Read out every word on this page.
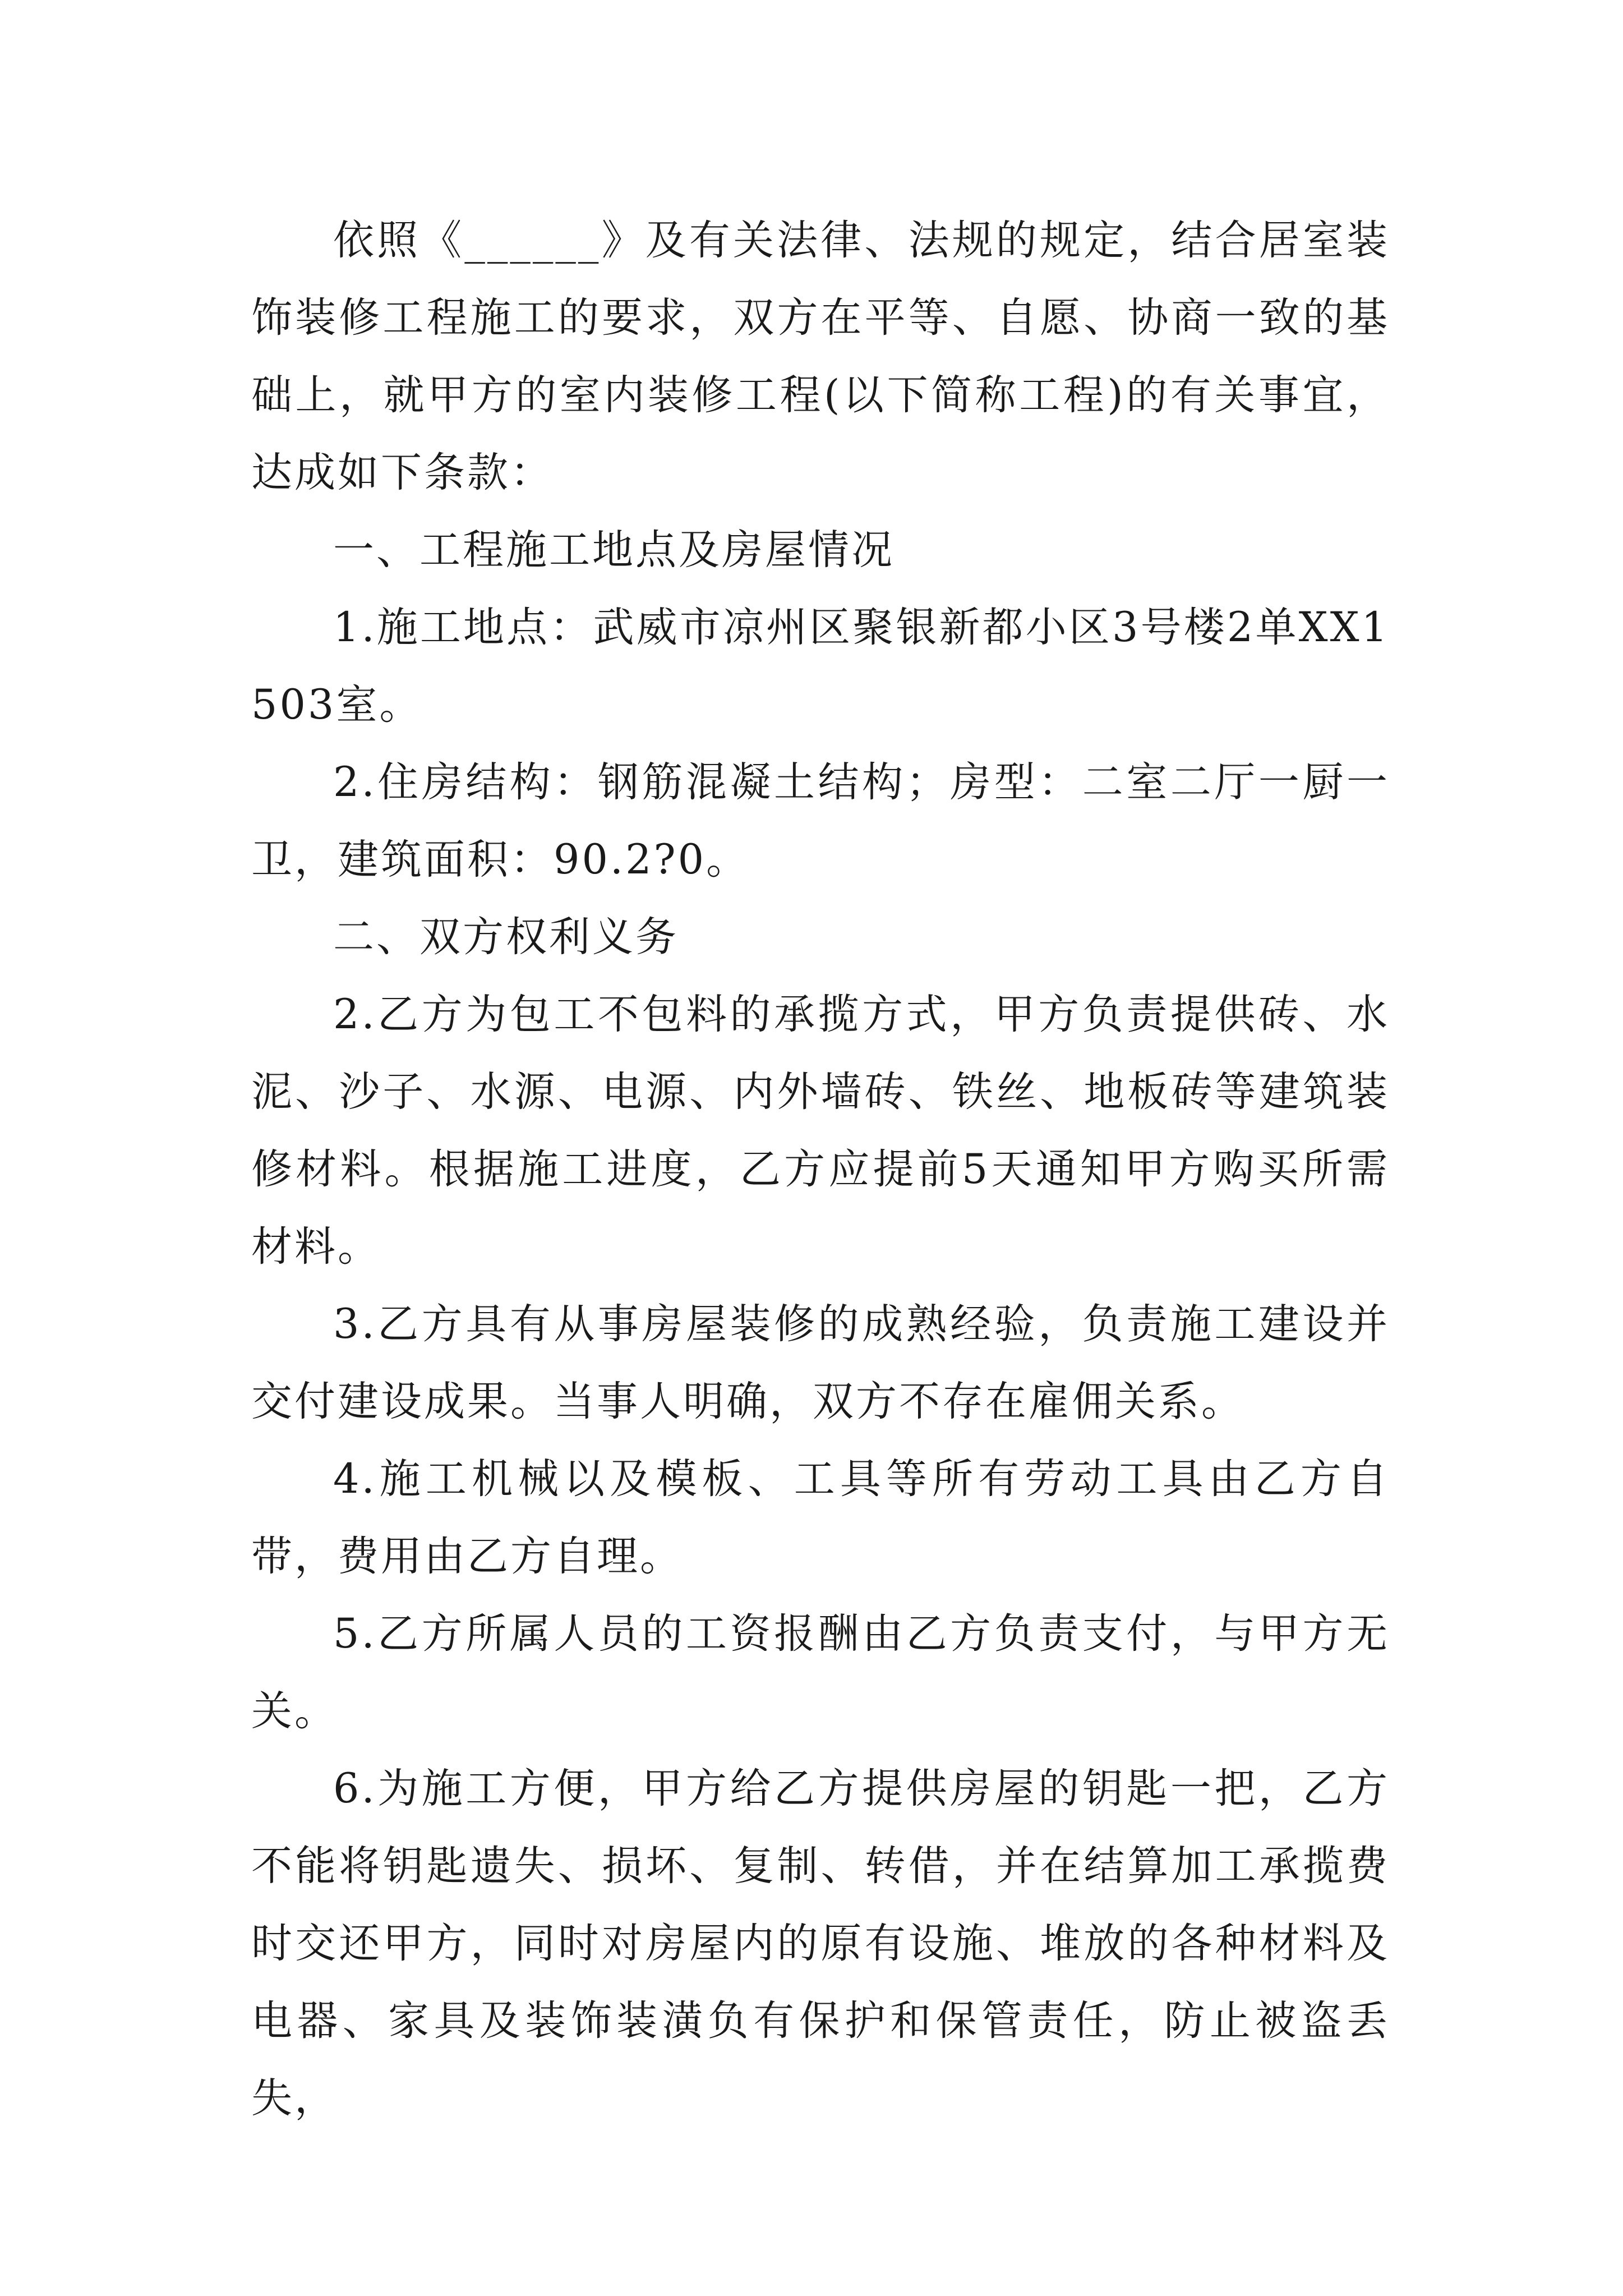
依照《______》及有关法律、法规的规定，结合居室装饰装修工程施工的要求，双方在平等、自愿、协商一致的基础上，就甲方的室内装修工程(以下简称工程)的有关事宜，达成如下条款：

一、工程施工地点及房屋情况

1.施工地点：武威市凉州区聚银新都小区3号楼2单XX1503室。

2.住房结构：钢筋混凝土结构；房型：二室二厅一厨一卫，建筑面积：90.2?0。

二、双方权利义务

2.乙方为包工不包料的承揽方式，甲方负责提供砖、水泥、沙子、水源、电源、内外墙砖、铁丝、地板砖等建筑装修材料。根据施工进度，乙方应提前5天通知甲方购买所需材料。

3.乙方具有从事房屋装修的成熟经验，负责施工建设并交付建设成果。当事人明确，双方不存在雇佣关系。

4.施工机械以及模板、工具等所有劳动工具由乙方自带，费用由乙方自理。

5.乙方所属人员的工资报酬由乙方负责支付，与甲方无关。

6.为施工方便，甲方给乙方提供房屋的钥匙一把，乙方不能将钥匙遗失、损坏、复制、转借，并在结算加工承揽费时交还甲方，同时对房屋内的原有设施、堆放的各种材料及电器、家具及装饰装潢负有保护和保管责任，防止被盗丢失，
